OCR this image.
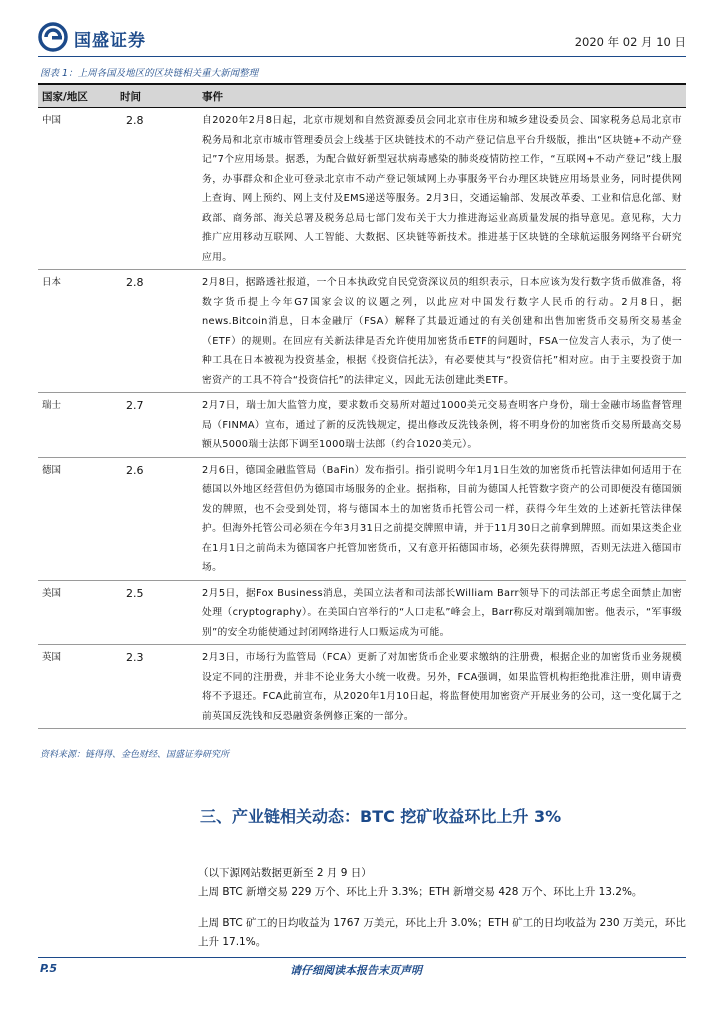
国盛证券	2020 年 02 月 10 日
图表 1：上周各国及地区的区块链相关重大新闻整理
国家/地区	时间	事件
中国	2.8	自2020年2月8日起，北京市规划和自然资源委员会同北京市住房和城乡建设委员会、国家税务总局北京市税务局和北京市城市管理委员会上线基于区块链技术的不动产登记信息平台升级版，推出“区块链+不动产登记”7个应用场景。据悉，为配合做好新型冠状病毒感染的肺炎疫情防控工作，“互联网+不动产登记”线上服务，办事群众和企业可登录北京市不动产登记领域网上办事服务平台办理区块链应用场景业务，同时提供网上查询、网上预约、网上支付及EMS递送等服务。2月3日，交通运输部、发展改革委、工业和信息化部、财政部、商务部、海关总署及税务总局七部门发布关于大力推进海运业高质量发展的指导意见。意见称，大力推广应用移动互联网、人工智能、大数据、区块链等新技术。推进基于区块链的全球航运服务网络平台研究应用。
日本	2.8	2月8日，据路透社报道，一个日本执政党自民党资深议员的组织表示，日本应该为发行数字货币做准备，将数字货币提上今年G7国家会议的议题之列，以此应对中国发行数字人民币的行动。2月8日，据news.Bitcoin消息，日本金融厅（FSA）解释了其最近通过的有关创建和出售加密货币交易所交易基金（ETF）的规则。在回应有关新法律是否允许使用加密货币ETF的问题时，FSA一位发言人表示，为了使一种工具在日本被视为投资基金，根据《投资信托法》，有必要使其与“投资信托”相对应。由于主要投资于加密资产的工具不符合“投资信托”的法律定义，因此无法创建此类ETF。
瑞士	2.7	2月7日，瑞士加大监管力度，要求数币交易所对超过1000美元交易查明客户身份，瑞士金融市场监督管理局（FINMA）宣布，通过了新的反洗钱规定，提出修改反洗钱条例，将不明身份的加密货币交易所最高交易额从5000瑞士法郎下调至1000瑞士法郎（约合1020美元）。
德国	2.6	2月6日，德国金融监管局（BaFin）发布指引。指引说明今年1月1日生效的加密货币托管法律如何适用于在德国以外地区经营但仍为德国市场服务的企业。据指称，目前为德国人托管数字资产的公司即便没有德国颁发的牌照，也不会受到处罚，将与德国本土的加密货币托管公司一样，获得今年生效的上述新托管法律保护。但海外托管公司必须在今年3月31日之前提交牌照申请，并于11月30日之前拿到牌照。而如果这类企业在1月1日之前尚未为德国客户托管加密货币，又有意开拓德国市场，必须先获得牌照，否则无法进入德国市场。
美国	2.5	2月5日，据Fox Business消息，美国立法者和司法部长William Barr领导下的司法部正考虑全面禁止加密处理（cryptography）。在美国白宫举行的“人口走私”峰会上，Barr称反对端到端加密。他表示，“军事级别”的安全功能使通过封闭网络进行人口贩运成为可能。
英国	2.3	2月3日，市场行为监管局（FCA）更新了对加密货币企业要求缴纳的注册费，根据企业的加密货币业务规模设定不同的注册费，并非不论业务大小统一收费。另外，FCA强调，如果监管机构拒绝批准注册，则申请费将不予退还。FCA此前宣布，从2020年1月10日起，将监督使用加密资产开展业务的公司，这一变化属于之前英国反洗钱和反恐融资条例修正案的一部分。
资料来源：链得得、金色财经、国盛证券研究所
三、产业链相关动态：BTC 挖矿收益环比上升 3%
（以下源网站数据更新至 2 月 9 日）
上周 BTC 新增交易 229 万个、环比上升 3.3%；ETH 新增交易 428 万个、环比上升 13.2%。
上周 BTC 矿工的日均收益为 1767 万美元，环比上升 3.0%；ETH 矿工的日均收益为 230 万美元，环比上升 17.1%。
P.5	请仔细阅读本报告末页声明
